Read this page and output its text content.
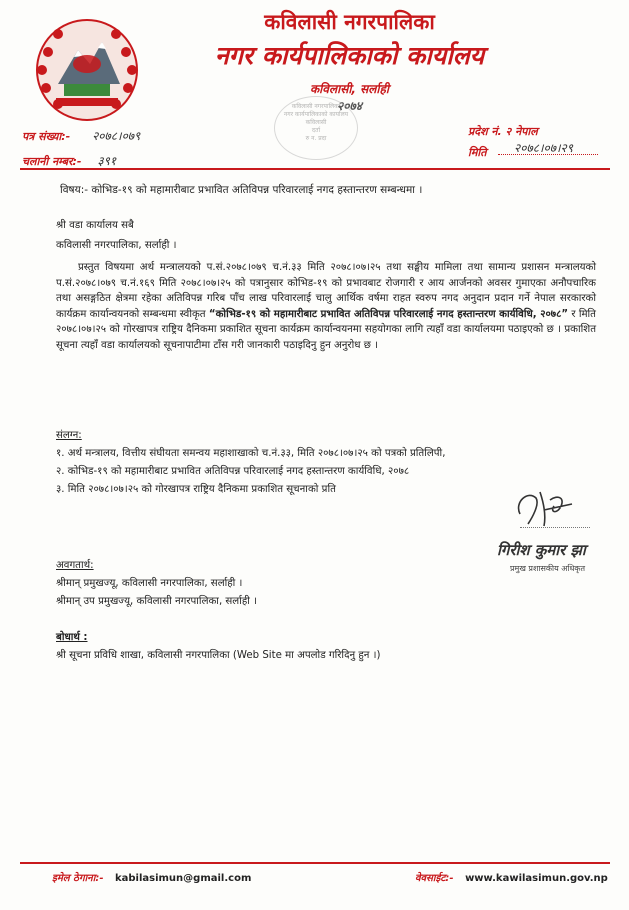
कविलासी नगरपालिका
नगर कार्यपालिकाको कार्यालय
कविलासी, सर्लाही
२०७४
पत्र संख्या:- २०७८।०७९
चलानी नम्बर:- ३९१
कविलासी नगरपालिका
नगर कार्यपालिकाको कार्यालय
कविलासी
दर्ता
रु न. प्रदा
प्रदेश नं. २ नेपाल
मिति २०७८।०७।२९
विषय:- कोभिड-१९ को महामारीबाट प्रभावित अतिविपन्न परिवारलाई नगद हस्तान्तरण सम्बन्धमा ।
श्री वडा कार्यालय सबै
कविलासी नगरपालिका, सर्लाही ।
प्रस्तुत विषयमा अर्थ मन्त्रालयको प.सं.२०७८।०७९ च.नं.३३ मिति २०७८।०७।२५ तथा सङ्घीय मामिला तथा सामान्य प्रशासन मन्त्रालयको प.सं.२०७८।०७९ च.नं.१६९ मिति २०७८।०७।२५ को पत्रानुसार कोभिड-१९ को प्रभावबाट रोजगारी र आय आर्जनको अवसर गुमाएका अनौपचारिक तथा असङ्गठित क्षेत्रमा रहेका अतिविपन्न गरिब पाँच लाख परिवारलाई चालु आर्थिक वर्षमा राहत स्वरुप नगद अनुदान प्रदान गर्ने नेपाल सरकारको कार्यक्रम कार्यान्वयनको सम्बन्धमा स्वीकृत “कोभिड-१९ को महामारीबाट प्रभावित अतिविपन्न परिवारलाई नगद हस्तान्तरण कार्यविधि, २०७८” र मिति २०७८।०७।२५ को गोरखापत्र राष्ट्रिय दैनिकमा प्रकाशित सूचना कार्यक्रम कार्यान्वयनमा सहयोगका लागि त्यहाँ वडा कार्यालयमा पठाइएको छ । प्रकाशित सूचना त्यहाँ वडा कार्यालयको सूचनापाटीमा टाँस गरी जानकारी पठाइदिनु हुन अनुरोध छ ।
संलग्न:
१. अर्थ मन्त्रालय, वित्तीय संघीयता समन्वय महाशाखाको च.नं.३३, मिति २०७८।०७।२५ को पत्रको प्रतिलिपी,
२. कोभिड-१९ को महामारीबाट प्रभावित अतिविपन्न परिवारलाई नगद हस्तान्तरण कार्यविधि, २०७८
३. मिति २०७८।०७।२५ को गोरखापत्र राष्ट्रिय दैनिकमा प्रकाशित सूचनाको प्रति
गिरीश कुमार झा
प्रमुख प्रशासकीय अधिकृत
अवगतार्थ:
श्रीमान् प्रमुखज्यू, कविलासी नगरपालिका, सर्लाही ।
श्रीमान् उप प्रमुखज्यू, कविलासी नगरपालिका, सर्लाही ।
बोधार्थ :
श्री सूचना प्रविधि शाखा, कविलासी नगरपालिका (Web Site मा अपलोड गरिदिनु हुन ।)
इमेल ठेगाना:- kabilasimun@gmail.com	वेवसाईट:- www.kawilasimun.gov.np
